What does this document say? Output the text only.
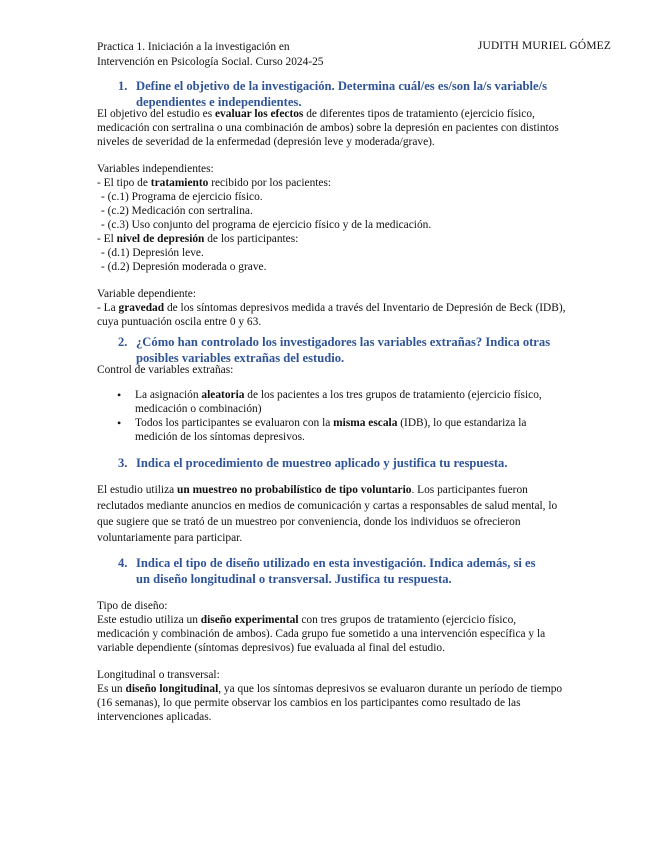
Practica 1. Iniciación a la investigación en
Intervención en Psicología Social. Curso 2024-25
JUDITH MURIEL GÓMEZ
1. Define el objetivo de la investigación. Determina cuál/es es/son la/s variable/s
dependientes e independientes.

El objetivo del estudio es evaluar los efectos de diferentes tipos de tratamiento (ejercicio físico, medicación con sertralina o una combinación de ambos) sobre la depresión en pacientes con distintos niveles de severidad de la enfermedad (depresión leve y moderada/grave).

Variables independientes:

- El tipo de tratamiento recibido por los pacientes:

- (c.1) Programa de ejercicio físico.

- (c.2) Medicación con sertralina.

- (c.3) Uso conjunto del programa de ejercicio físico y de la medicación.

- El nivel de depresión de los participantes:

- (d.1) Depresión leve.

- (d.2) Depresión moderada o grave.

Variable dependiente:

- La gravedad de los síntomas depresivos medida a través del Inventario de Depresión de Beck (IDB), cuya puntuación oscila entre 0 y 63.

2. ¿Cómo han controlado los investigadores las variables extrañas? Indica otras
posibles variables extrañas del estudio.

Control de variables extrañas:

• La asignación aleatoria de los pacientes a los tres grupos de tratamiento (ejercicio físico, medicación o combinación)
• Todos los participantes se evaluaron con la misma escala (IDB), lo que estandariza la medición de los síntomas depresivos.
3. Indica el procedimiento de muestreo aplicado y justifica tu respuesta.

El estudio utiliza un muestreo no probabilístico de tipo voluntario. Los participantes fueron reclutados mediante anuncios en medios de comunicación y cartas a responsables de salud mental, lo que sugiere que se trató de un muestreo por conveniencia, donde los individuos se ofrecieron voluntariamente para participar.

4. Indica el tipo de diseño utilizado en esta investigación. Indica además, si es
un diseño longitudinal o transversal. Justifica tu respuesta.

Tipo de diseño:

Este estudio utiliza un diseño experimental con tres grupos de tratamiento (ejercicio físico, medicación y combinación de ambos). Cada grupo fue sometido a una intervención específica y la variable dependiente (síntomas depresivos) fue evaluada al final del estudio.

Longitudinal o transversal:

Es un diseño longitudinal, ya que los síntomas depresivos se evaluaron durante un período de tiempo (16 semanas), lo que permite observar los cambios en los participantes como resultado de las intervenciones aplicadas.
